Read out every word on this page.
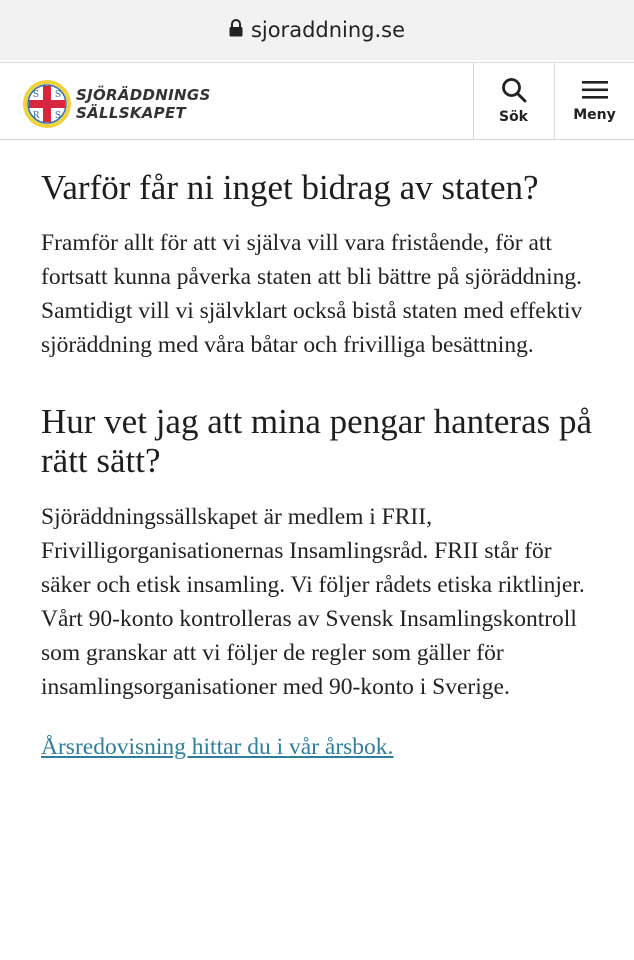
sjoraddning.se
S S
R S
SJÖRÄDDNINGS
SÄLLSKAPET	Sök	Meny
Varför får ni inget bidrag av staten?

Framför allt för att vi själva vill vara fristående, för att fortsatt kunna påverka staten att bli bättre på sjöräddning. Samtidigt vill vi självklart också bistå staten med effektiv sjöräddning med våra båtar och frivilliga besättning.

Hur vet jag att mina pengar hanteras på rätt sätt?

Sjöräddningssällskapet är medlem i FRII, Frivilligorganisationernas Insamlingsråd. FRII står för säker och etisk insamling. Vi följer rådets etiska riktlinjer. Vårt 90-konto kontrolleras av Svensk Insamlingskontroll som granskar att vi följer de regler som gäller för insamlingsorganisationer med 90-konto i Sverige.

Årsredovisning hittar du i vår årsbok.
